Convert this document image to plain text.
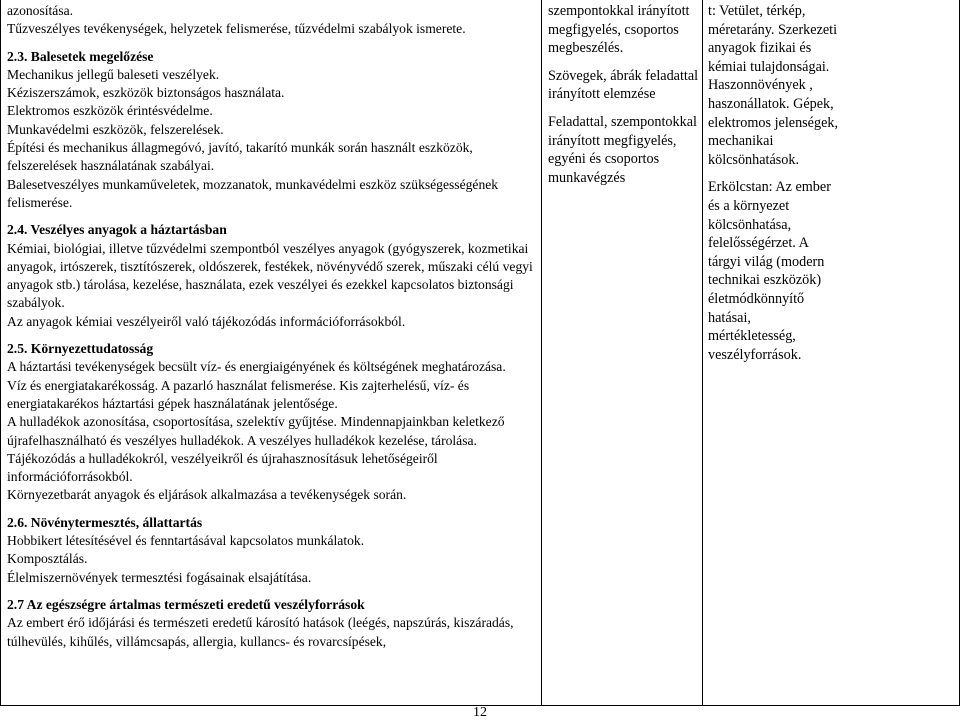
azonosítása.

Tűzveszélyes tevékenységek, helyzetek felismerése, tűzvédelmi szabályok ismerete.

2.3. Balesetek megelőzése

Mechanikus jellegű baleseti veszélyek.

Kéziszerszámok, eszközök biztonságos használata.

Elektromos eszközök érintésvédelme.

Munkavédelmi eszközök, felszerelések.

Építési és mechanikus állagmegóvó, javító, takarító munkák során használt eszközök, felszerelések használatának szabályai.

Balesetveszélyes munkaműveletek, mozzanatok, munkavédelmi eszköz szükségességének felismerése.

2.4. Veszélyes anyagok a háztartásban

Kémiai, biológiai, illetve tűzvédelmi szempontból veszélyes anyagok (gyógyszerek, kozmetikai anyagok, irtószerek, tisztítószerek, oldószerek, festékek, növényvédő szerek, műszaki célú vegyi anyagok stb.) tárolása, kezelése, használata, ezek veszélyei és ezekkel kapcsolatos biztonsági szabályok.

Az anyagok kémiai veszélyeiről való tájékozódás információforrásokból.

2.5. Környezettudatosság

A háztartási tevékenységek becsült víz- és energiaigényének és költségének meghatározása.

Víz és energiatakarékosság. A pazarló használat felismerése. Kis zajterhelésű, víz- és energiatakarékos háztartási gépek használatának jelentősége.

A hulladékok azonosítása, csoportosítása, szelektív gyűjtése. Mindennapjainkban keletkező újrafelhasználható és veszélyes hulladékok. A veszélyes hulladékok kezelése, tárolása. Tájékozódás a hulladékokról, veszélyeikről és újrahasznosításuk lehetőségeiről információforrásokból.

Környezetbarát anyagok és eljárások alkalmazása a tevékenységek során.

2.6. Növénytermesztés, állattartás

Hobbikert létesítésével és fenntartásával kapcsolatos munkálatok.

Komposztálás.

Élelmiszernövények termesztési fogásainak elsajátítása.

2.7 Az egészségre ártalmas természeti eredetű veszélyforrások

Az embert érő időjárási és természeti eredetű károsító hatások (leégés, napszúrás, kiszáradás, túlhevülés, kihűlés, villámcsapás, allergia, kullancs- és rovarcsípések,

szempontokkal irányított megfigyelés, csoportos megbeszélés.

Szövegek, ábrák feladattal irányított elemzése

Feladattal, szempontokkal irányított megfigyelés, egyéni és csoportos munkavégzés

t: Vetület, térkép, méretarány. Szerkezeti anyagok fizikai és kémiai tulajdonságai. Haszonnövények , haszonállatok. Gépek, elektromos jelenségek, mechanikai kölcsönhatások.

Erkölcstan: Az ember és a környezet kölcsönhatása, felelősségérzet. A tárgyi világ (modern technikai eszközök) életmódkönnyítő hatásai, mértékletesség, veszélyforrások.

12
